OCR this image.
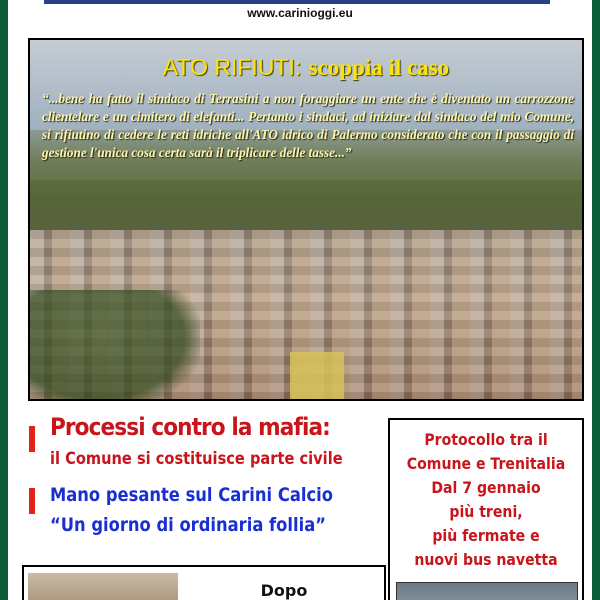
www.carinioggi.eu
ATO RIFIUTI: scoppia il caso
“...bene ha fatto il sindaco di Terrasini a non foraggiare un ente che è diventato un carrozzone clientelare e un cimitero di elefanti... Pertanto i sindaci, ad iniziare dal sindaco del mio Comune, si rifiutino di cedere le reti idriche all'ATO idrico di Palermo considerato che con il passaggio di gestione l'unica cosa certa sarà il triplicare delle tasse...”
Processi contro la mafia:
il Comune si costituisce parte civile
Mano pesante sul Carini Calcio
“Un giorno di ordinaria follia”
Protocollo tra il
Comune e Trenitalia
Dal 7 gennaio
più treni,
più fermate e
nuovi bus navetta
Dopo
